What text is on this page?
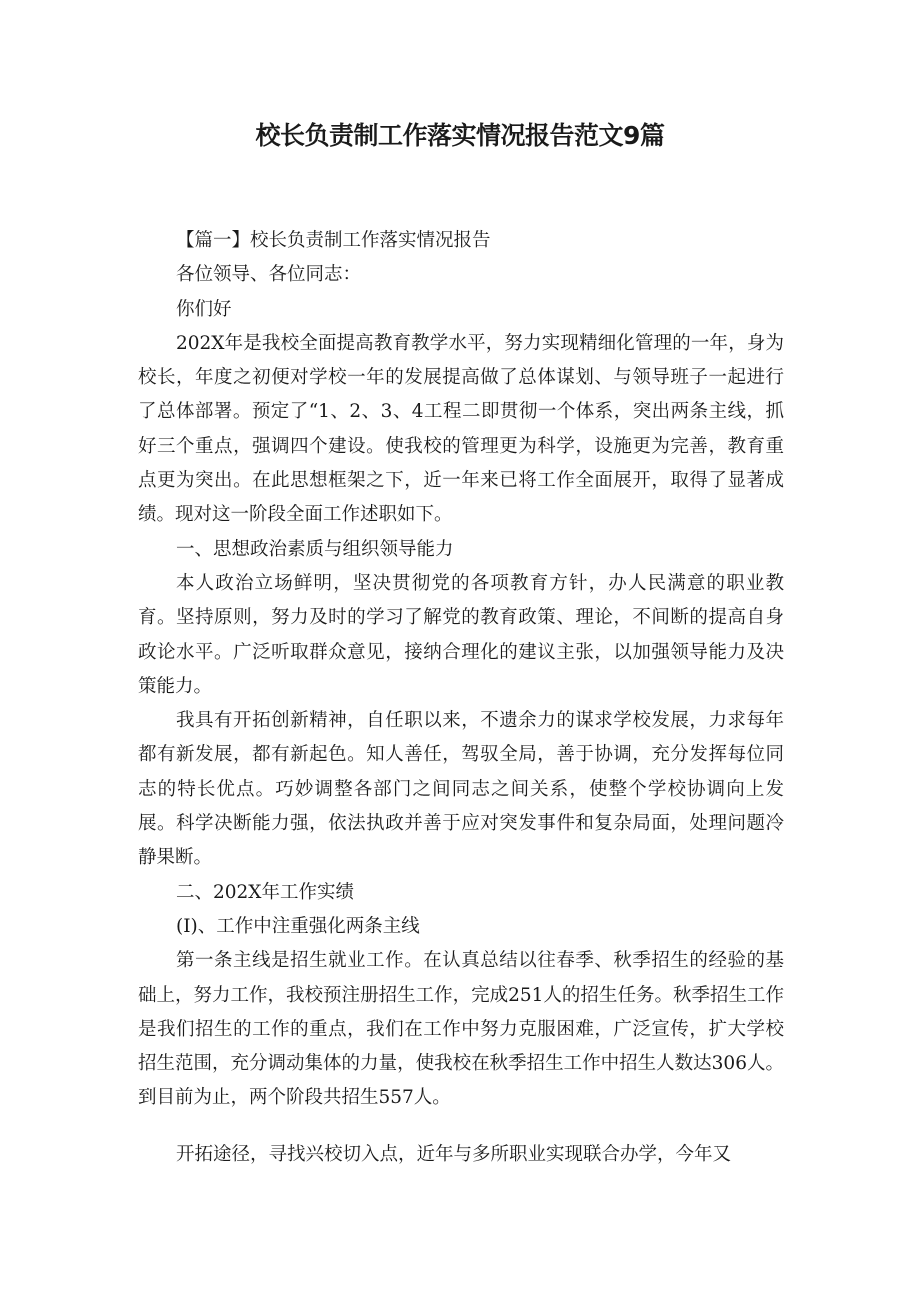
校长负责制工作落实情况报告范文9篇

【篇一】校长负责制工作落实情况报告

各位领导、各位同志：

你们好

202X年是我校全面提高教育教学水平，努力实现精细化管理的一年，身为校长，年度之初便对学校一年的发展提高做了总体谋划、与领导班子一起进行了总体部署。预定了“1、2、3、4工程二即贯彻一个体系，突出两条主线，抓好三个重点，强调四个建设。使我校的管理更为科学，设施更为完善，教育重点更为突出。在此思想框架之下，近一年来已将工作全面展开，取得了显著成绩。现对这一阶段全面工作述职如下。

一、思想政治素质与组织领导能力

本人政治立场鲜明，坚决贯彻党的各项教育方针，办人民满意的职业教育。坚持原则，努力及时的学习了解党的教育政策、理论，不间断的提高自身政论水平。广泛听取群众意见，接纳合理化的建议主张，以加强领导能力及决策能力。

我具有开拓创新精神，自任职以来，不遗余力的谋求学校发展，力求每年都有新发展，都有新起色。知人善任，驾驭全局，善于协调，充分发挥每位同志的特长优点。巧妙调整各部门之间同志之间关系，使整个学校协调向上发展。科学决断能力强，依法执政并善于应对突发事件和复杂局面，处理问题冷静果断。

二、202X年工作实绩

(I)、工作中注重强化两条主线

第一条主线是招生就业工作。在认真总结以往春季、秋季招生的经验的基础上，努力工作，我校预注册招生工作，完成251人的招生任务。秋季招生工作是我们招生的工作的重点，我们在工作中努力克服困难，广泛宣传，扩大学校招生范围，充分调动集体的力量，使我校在秋季招生工作中招生人数达306人。到目前为止，两个阶段共招生557人。

开拓途径，寻找兴校切入点，近年与多所职业实现联合办学，今年又
